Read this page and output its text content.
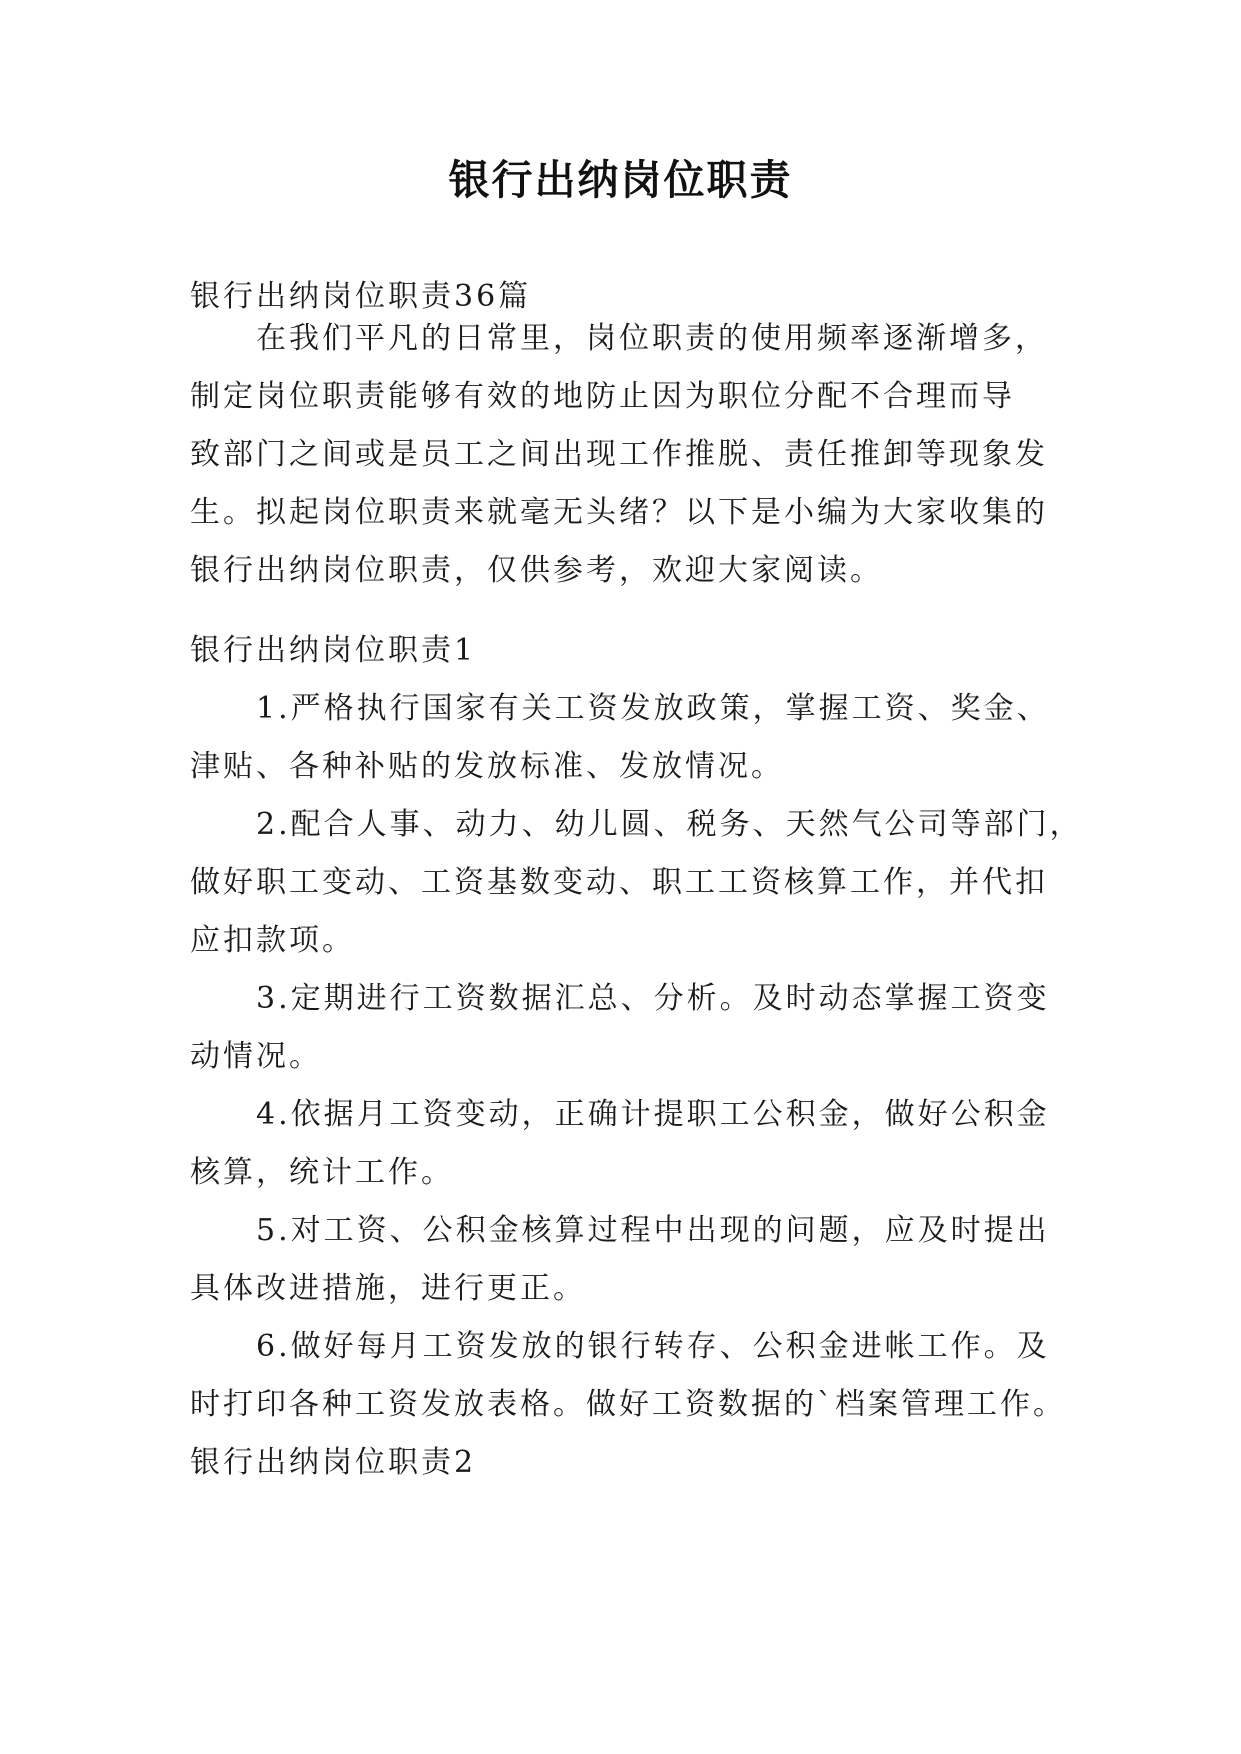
银行出纳岗位职责
银行出纳岗位职责36篇
在我们平凡的日常里，岗位职责的使用频率逐渐增多，
制定岗位职责能够有效的地防止因为职位分配不合理而导
致部门之间或是员工之间出现工作推脱、责任推卸等现象发
生。拟起岗位职责来就毫无头绪？以下是小编为大家收集的
银行出纳岗位职责，仅供参考，欢迎大家阅读。
银行出纳岗位职责1
1.严格执行国家有关工资发放政策，掌握工资、奖金、
津贴、各种补贴的发放标准、发放情况。
2.配合人事、动力、幼儿圆、税务、天然气公司等部门，
做好职工变动、工资基数变动、职工工资核算工作，并代扣
应扣款项。
3.定期进行工资数据汇总、分析。及时动态掌握工资变
动情况。
4.依据月工资变动，正确计提职工公积金，做好公积金
核算，统计工作。
5.对工资、公积金核算过程中出现的问题，应及时提出
具体改进措施，进行更正。
6.做好每月工资发放的银行转存、公积金进帐工作。及
时打印各种工资发放表格。做好工资数据的`档案管理工作。
银行出纳岗位职责2
